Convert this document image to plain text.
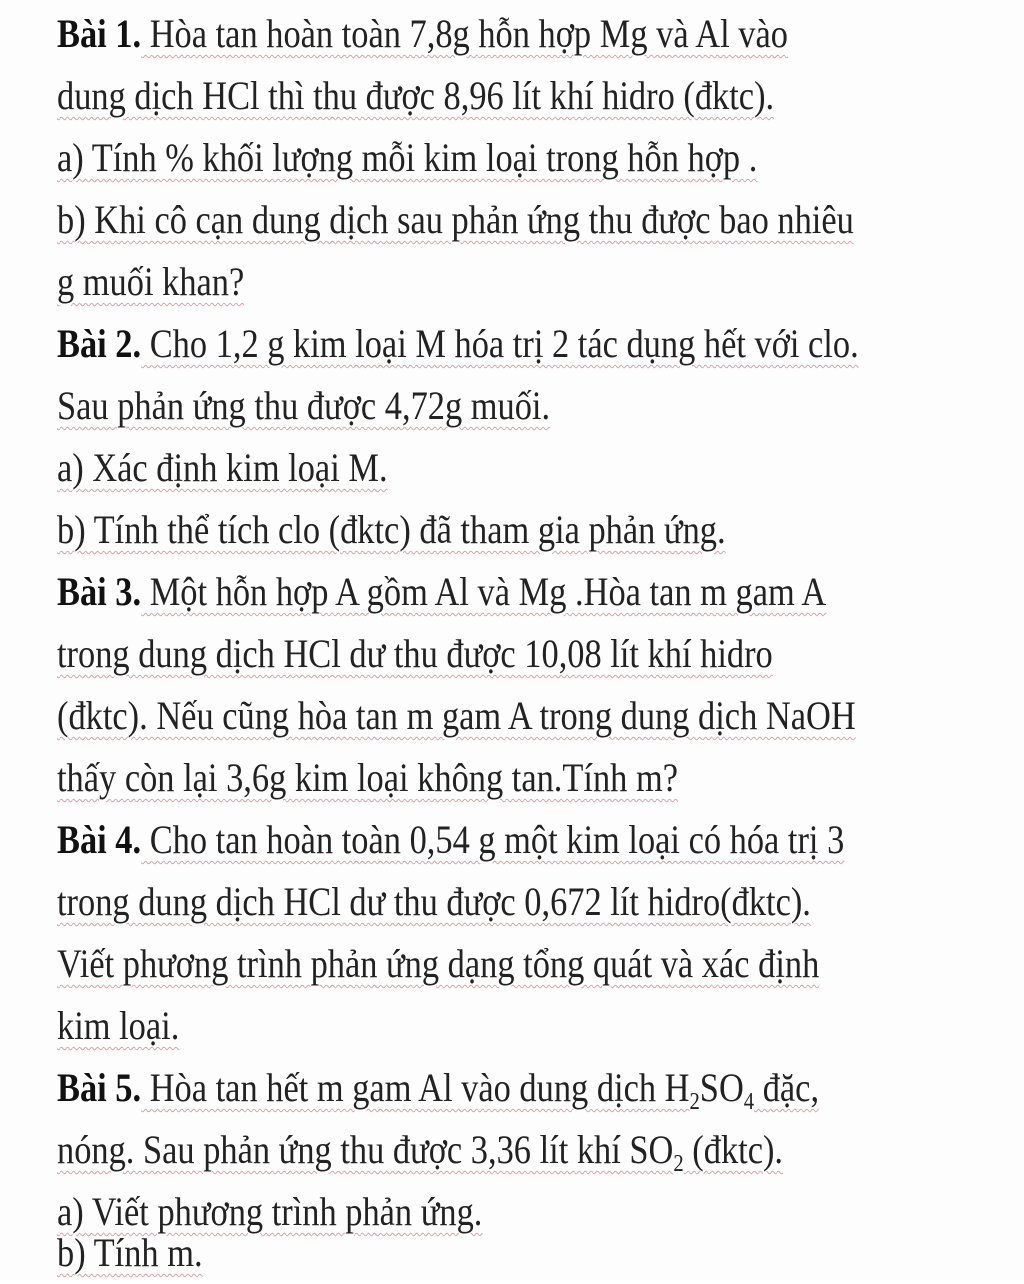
Bài 1. Hòa tan hoàn toàn 7,8g hỗn hợp Mg và Al vào
dung dịch HCl thì thu được 8,96 lít khí hidro (đktc).
a) Tính % khối lượng mỗi kim loại trong hỗn hợp .
b) Khi cô cạn dung dịch sau phản ứng thu được bao nhiêu
g muối khan?
Bài 2. Cho 1,2 g kim loại M hóa trị 2 tác dụng hết với clo.
Sau phản ứng thu được 4,72g muối.
a) Xác định kim loại M.
b) Tính thể tích clo (đktc) đã tham gia phản ứng.
Bài 3. Một hỗn hợp A gồm Al và Mg .Hòa tan m gam A
trong dung dịch HCl dư thu được 10,08 lít khí hidro
(đktc). Nếu cũng hòa tan m gam A trong dung dịch NaOH
thấy còn lại 3,6g kim loại không tan.Tính m?
Bài 4. Cho tan hoàn toàn 0,54 g một kim loại có hóa trị 3
trong dung dịch HCl dư thu được 0,672 lít hidro(đktc).
Viết phương trình phản ứng dạng tổng quát và xác định
kim loại.
Bài 5. Hòa tan hết m gam Al vào dung dịch $H_2SO_4$ đặc,
nóng. Sau phản ứng thu được 3,36 lít khí $SO_2$ (đktc).
a) Viết phương trình phản ứng.
b) Tính m.
